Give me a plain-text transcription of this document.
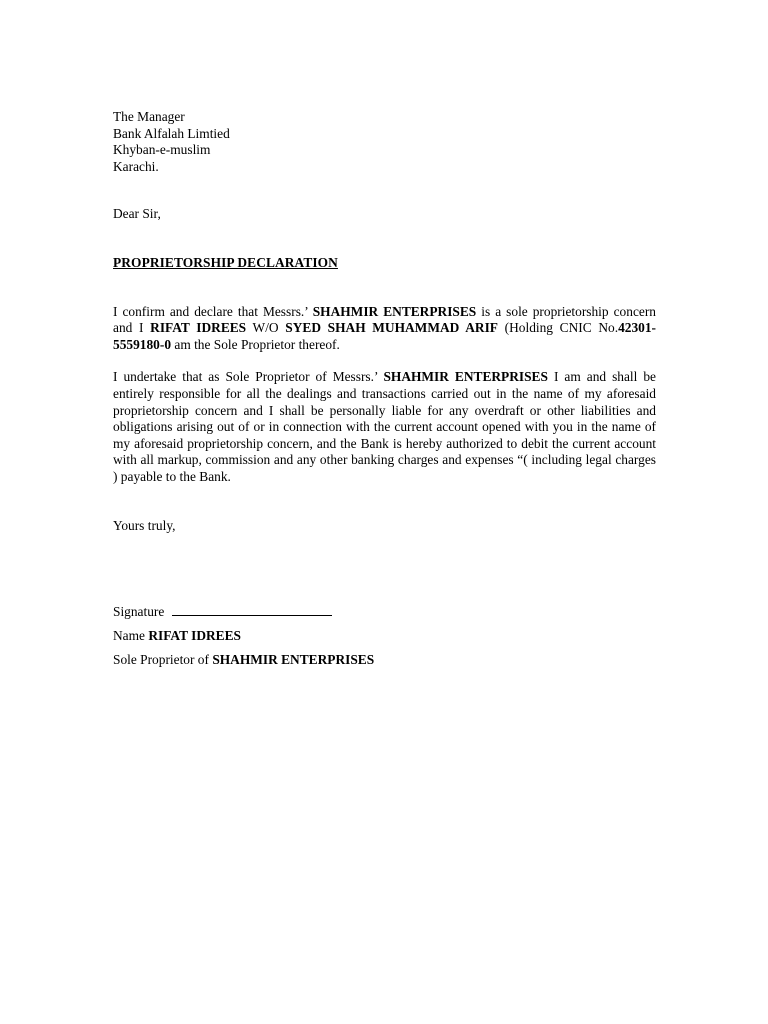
The Manager
Bank Alfalah Limtied
Khyban-e-muslim
Karachi.
Dear Sir,
PROPRIETORSHIP DECLARATION
I confirm and declare that Messrs.’ SHAHMIR ENTERPRISES is a sole proprietorship concern and I RIFAT IDREES W/O SYED SHAH MUHAMMAD ARIF (Holding CNIC No.42301-5559180-0 am the Sole Proprietor thereof.
I undertake that as Sole Proprietor of Messrs.’ SHAHMIR ENTERPRISES I am and shall be entirely responsible for all the dealings and transactions carried out in the name of my aforesaid proprietorship concern and I shall be personally liable for any overdraft or other liabilities and obligations arising out of or in connection with the current account opened with you in the name of my aforesaid proprietorship concern, and the Bank is hereby authorized to debit the current account with all markup, commission and any other banking charges and expenses “( including legal charges ) payable to the Bank.
Yours truly,
Signature
Name RIFAT IDREES
Sole Proprietor of SHAHMIR ENTERPRISES
